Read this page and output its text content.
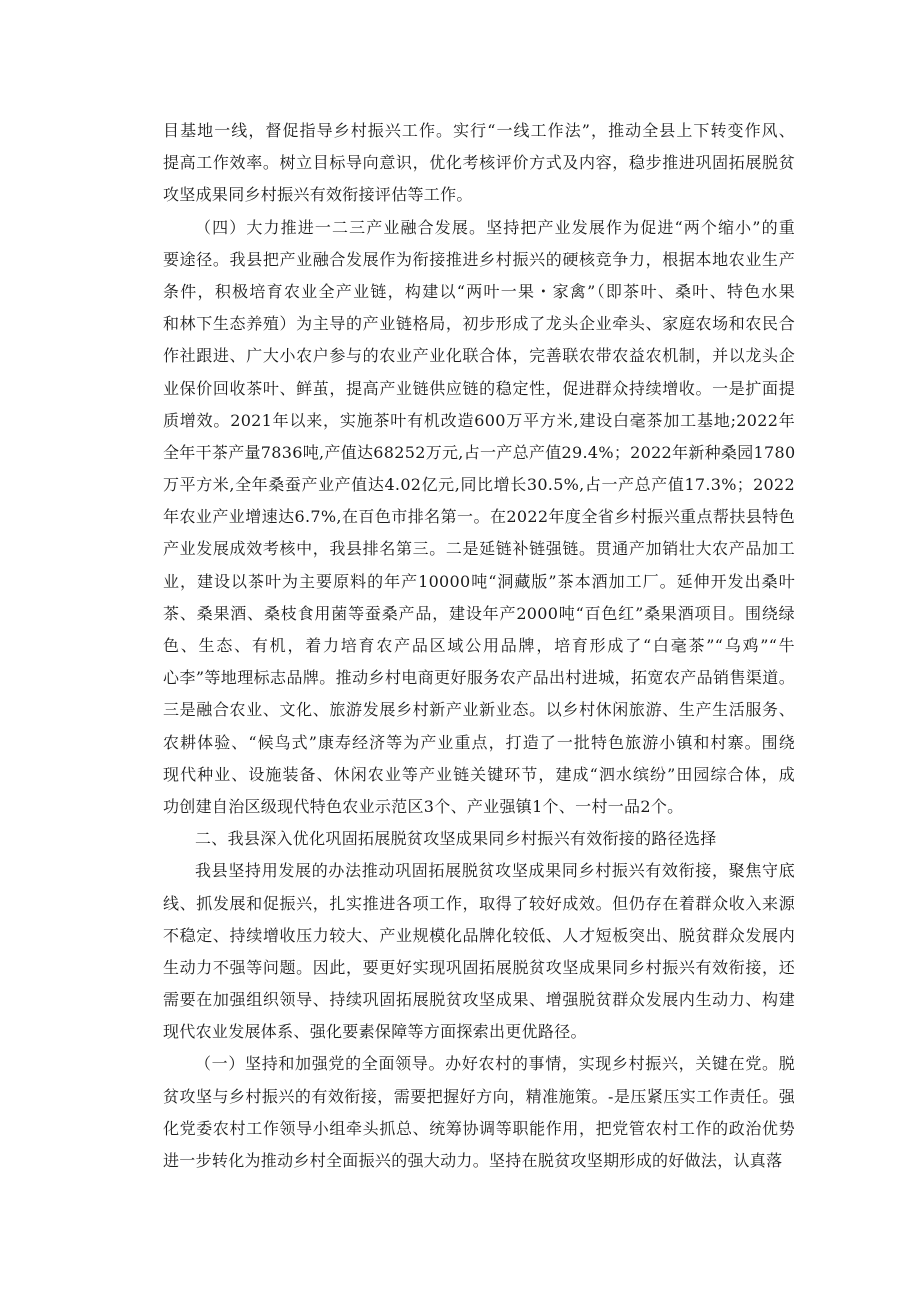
目基地一线，督促指导乡村振兴工作。实行“一线工作法”，推动全县上下转变作风、
提高工作效率。树立目标导向意识，优化考核评价方式及内容，稳步推进巩固拓展脱贫
攻坚成果同乡村振兴有效衔接评估等工作。
（四）大力推进一二三产业融合发展。坚持把产业发展作为促进“两个缩小”的重
要途径。我县把产业融合发展作为衔接推进乡村振兴的硬核竞争力，根据本地农业生产
条件，积极培育农业全产业链，构建以“两叶一果・家禽”（即茶叶、桑叶、特色水果
和林下生态养殖）为主导的产业链格局，初步形成了龙头企业牵头、家庭农场和农民合
作社跟进、广大小农户参与的农业产业化联合体，完善联农带农益农机制，并以龙头企
业保价回收茶叶、鲜茧，提高产业链供应链的稳定性，促进群众持续增收。一是扩面提
质增效。2021年以来，实施茶叶有机改造600万平方米,建设白毫茶加工基地;2022年
全年干茶产量7836吨,产值达68252万元,占一产总产值29.4%；2022年新种桑园1780
万平方米,全年桑蚕产业产值达4.02亿元,同比增长30.5%,占一产总产值17.3%；2022
年农业产业增速达6.7%,在百色市排名第一。在2022年度全省乡村振兴重点帮扶县特色
产业发展成效考核中，我县排名第三。二是延链补链强链。贯通产加销壮大农产品加工
业，建设以茶叶为主要原料的年产10000吨“洞藏版”茶本酒加工厂。延伸开发出桑叶
茶、桑果酒、桑枝食用菌等蚕桑产品，建设年产2000吨“百色红”桑果酒项目。围绕绿
色、生态、有机，着力培育农产品区域公用品牌，培育形成了“白毫茶”“乌鸡”“牛
心李”等地理标志品牌。推动乡村电商更好服务农产品出村进城，拓宽农产品销售渠道。
三是融合农业、文化、旅游发展乡村新产业新业态。以乡村休闲旅游、生产生活服务、
农耕体验、“候鸟式”康寿经济等为产业重点，打造了一批特色旅游小镇和村寨。围绕
现代种业、设施装备、休闲农业等产业链关键环节，建成“泗水缤纷”田园综合体，成
功创建自治区级现代特色农业示范区3个、产业强镇1个、一村一品2个。
二、我县深入优化巩固拓展脱贫攻坚成果同乡村振兴有效衔接的路径选择
我县坚持用发展的办法推动巩固拓展脱贫攻坚成果同乡村振兴有效衔接，聚焦守底
线、抓发展和促振兴，扎实推进各项工作，取得了较好成效。但仍存在着群众收入来源
不稳定、持续增收压力较大、产业规模化品牌化较低、人才短板突出、脱贫群众发展内
生动力不强等问题。因此，要更好实现巩固拓展脱贫攻坚成果同乡村振兴有效衔接，还
需要在加强组织领导、持续巩固拓展脱贫攻坚成果、增强脱贫群众发展内生动力、构建
现代农业发展体系、强化要素保障等方面探索出更优路径。
（一）坚持和加强党的全面领导。办好农村的事情，实现乡村振兴，关键在党。脱
贫攻坚与乡村振兴的有效衔接，需要把握好方向，精准施策。-是压紧压实工作责任。强
化党委农村工作领导小组牵头抓总、统筹协调等职能作用，把党管农村工作的政治优势
进一步转化为推动乡村全面振兴的强大动力。坚持在脱贫攻坚期形成的好做法，认真落
